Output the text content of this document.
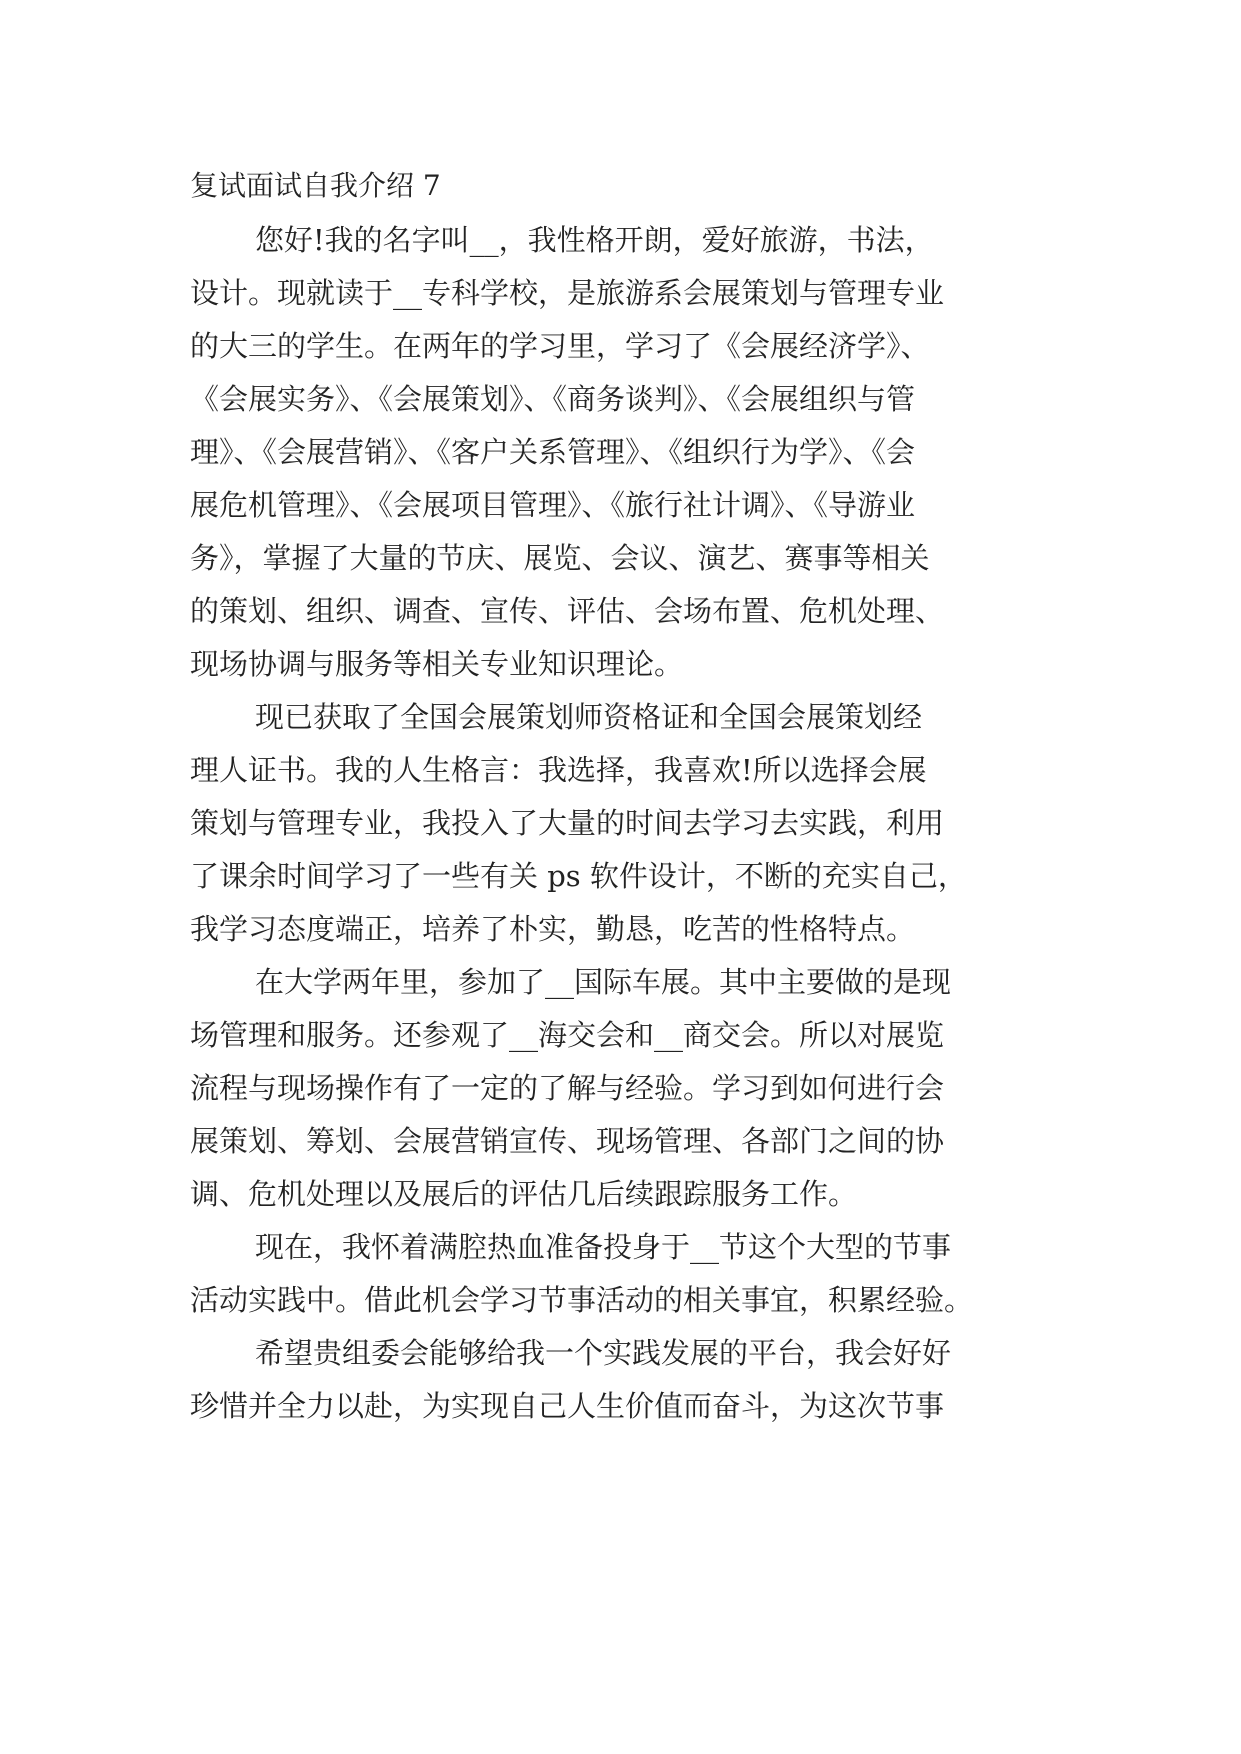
复试面试自我介绍 7
您好!我的名字叫__，我性格开朗，爱好旅游，书法，
设计。现就读于__专科学校，是旅游系会展策划与管理专业
的大三的学生。在两年的学习里，学习了《会展经济学》、
《会展实务》、《会展策划》、《商务谈判》、《会展组织与管
理》、《会展营销》、《客户关系管理》、《组织行为学》、《会
展危机管理》、《会展项目管理》、《旅行社计调》、《导游业
务》，掌握了大量的节庆、展览、会议、演艺、赛事等相关
的策划、组织、调查、宣传、评估、会场布置、危机处理、
现场协调与服务等相关专业知识理论。
现已获取了全国会展策划师资格证和全国会展策划经
理人证书。我的人生格言：我选择，我喜欢!所以选择会展
策划与管理专业，我投入了大量的时间去学习去实践，利用
了课余时间学习了一些有关 ps 软件设计，不断的充实自己，
我学习态度端正，培养了朴实，勤恳，吃苦的性格特点。
在大学两年里，参加了__国际车展。其中主要做的是现
场管理和服务。还参观了__海交会和__商交会。所以对展览
流程与现场操作有了一定的了解与经验。学习到如何进行会
展策划、筹划、会展营销宣传、现场管理、各部门之间的协
调、危机处理以及展后的评估几后续跟踪服务工作。
现在，我怀着满腔热血准备投身于__节这个大型的节事
活动实践中。借此机会学习节事活动的相关事宜，积累经验。
希望贵组委会能够给我一个实践发展的平台，我会好好
珍惜并全力以赴，为实现自己人生价值而奋斗，为这次节事
